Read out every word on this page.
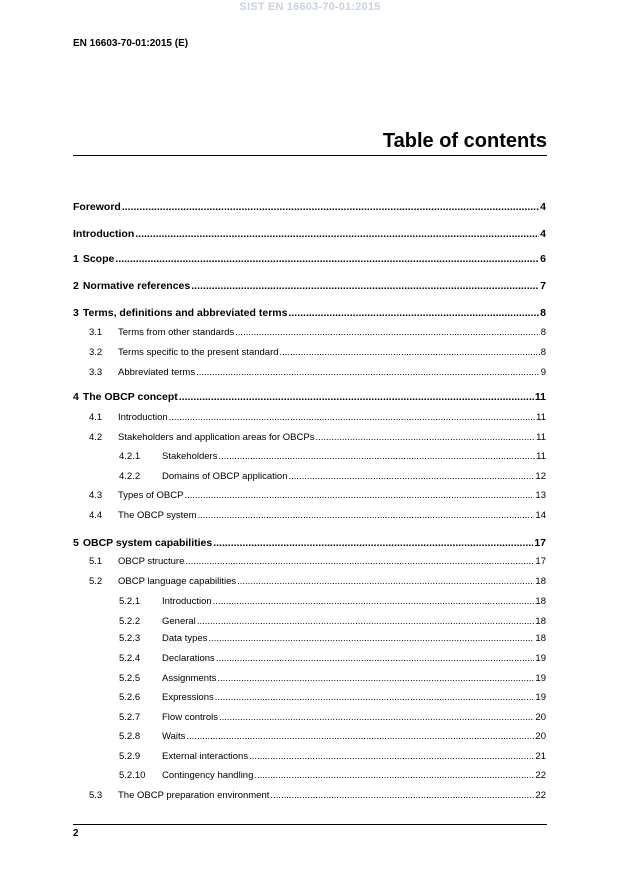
SIST EN 16603-70-01:2015
EN 16603-70-01:2015 (E)
Table of contents
Foreword .....	4
Introduction .....	4
1 Scope .....	6
2 Normative references .....	7
3 Terms, definitions and abbreviated terms .....	8
3.1	Terms from other standards .....	8
3.2	Terms specific to the present standard .....	8
3.3	Abbreviated terms .....	9
4 The OBCP concept .....	11
4.1	Introduction .....	11
4.2	Stakeholders and application areas for OBCPs .....	11
4.2.1	Stakeholders .....	11
4.2.2	Domains of OBCP application .....	12
4.3	Types of OBCP .....	13
4.4	The OBCP system .....	14
5 OBCP system capabilities .....	17
5.1	OBCP structure .....	17
5.2	OBCP language capabilities .....	18
5.2.1	Introduction .....	18
5.2.2	General .....	18
5.2.3	Data types .....	18
5.2.4	Declarations .....	19
5.2.5	Assignments .....	19
5.2.6	Expressions .....	19
5.2.7	Flow controls .....	20
5.2.8	Waits .....	20
5.2.9	External interactions .....	21
5.2.10	Contingency handling .....	22
5.3	The OBCP preparation environment .....	22
2
